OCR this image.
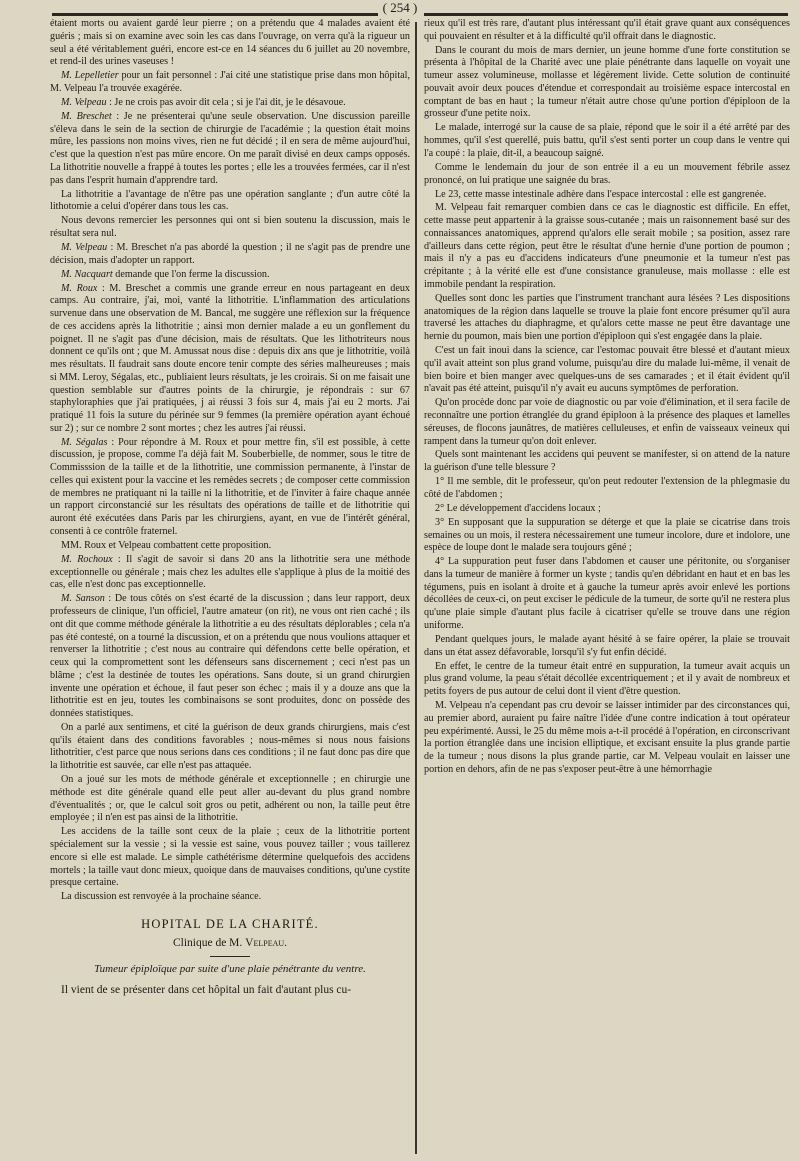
( 254 )

étaient morts ou avaient gardé leur pierre ; on a prétendu que 4 malades avaient été guéris ; mais si on examine avec soin les cas dans l'ouvrage, on verra qu'à la rigueur un seul a été véritablement guéri, encore est-ce en 14 séances du 6 juillet au 20 novembre, et rend-il des urines vaseuses !

M. Lepelletier pour un fait personnel : J'ai cité une statistique prise dans mon hôpital, M. Velpeau l'a trouvée exagérée.

M. Velpeau : Je ne crois pas avoir dit cela ; si je l'ai dit, je le désavoue.

M. Breschet : Je ne présenterai qu'une seule observation. Une discussion pareille s'éleva dans le sein de la section de chirurgie de l'académie ; la question était moins mûre, les passions non moins vives, rien ne fut décidé ; il en sera de même aujourd'hui, c'est que la question n'est pas mûre encore. On me paraît divisé en deux camps opposés. La lithotritie nouvelle a frappé à toutes les portes ; elle les a trouvées fermées, car il n'est pas dans l'esprit humain d'apprendre tard.

La lithotritie a l'avantage de n'être pas une opération sanglante ; d'un autre côté la lithotomie a celui d'opérer dans tous les cas.

Nous devons remercier les personnes qui ont si bien soutenu la discussion, mais le résultat sera nul.

M. Velpeau : M. Breschet n'a pas abordé la question ; il ne s'agit pas de prendre une décision, mais d'adopter un rapport.

M. Nacquart demande que l'on ferme la discussion.

M. Roux : M. Breschet a commis une grande erreur en nous partageant en deux camps. Au contraire, j'ai, moi, vanté la lithotritie. L'inflammation des articulations survenue dans une observation de M. Bancal, me suggère une réflexion sur la fréquence de ces accidens après la lithotritie ; ainsi mon dernier malade a eu un gonflement du poignet. Il ne s'agit pas d'une décision, mais de résultats. Que les lithotriteurs nous donnent ce qu'ils ont ; que M. Amussat nous dise : depuis dix ans que je lithotritie, voilà mes résultats. Il faudrait sans doute encore tenir compte des séries malheureuses ; mais si MM. Leroy, Ségalas, etc., publiaient leurs résultats, je les croirais. Si on me faisait une question semblable sur d'autres points de la chirurgie, je répondrais : sur 67 staphyloraphies que j'ai pratiquées, j ai réussi 3 fois sur 4, mais j'ai eu 2 morts. J'ai pratiqué 11 fois la suture du périnée sur 9 femmes (la première opération ayant échoué sur 2) ; sur ce nombre 2 sont mortes ; chez les autres j'ai réussi.

M. Ségalas : Pour répondre à M. Roux et pour mettre fin, s'il est possible, à cette discussion, je propose, comme l'a déjà fait M. Souberbielle, de nommer, sous le titre de Commisssion de la taille et de la lithotritie, une commission permanente, à l'instar de celles qui existent pour la vaccine et les remèdes secrets ; de composer cette commission de membres ne pratiquant ni la taille ni la lithotritie, et de l'inviter à faire chaque année un rapport circonstancié sur les résultats des opérations de taille et de lithotritie qui auront été exécutées dans Paris par les chirurgiens, ayant, en vue de l'intérêt général, consenti à ce contrôle fraternel.

MM. Roux et Velpeau combattent cette proposition.

M. Rochoux : Il s'agit de savoir si dans 20 ans la lithotritie sera une méthode exceptionnelle ou générale ; mais chez les adultes elle s'applique à plus de la moitié des cas, elle n'est donc pas exceptionnelle.

M. Sanson : De tous côtés on s'est écarté de la discussion ; dans leur rapport, deux professeurs de clinique, l'un officiel, l'autre amateur (on rit), ne vous ont rien caché ; ils ont dit que comme méthode générale la lithotritie a eu des résultats déplorables ; cela n'a pas été contesté, on a tourné la discussion, et on a prétendu que nous voulions attaquer et renverser la lithotritie ; c'est nous au contraire qui défendons cette belle opération, et ceux qui la compromettent sont les défenseurs sans discernement ; ceci n'est pas un blâme ; c'est la destinée de toutes les opérations. Sans doute, si un grand chirurgien invente une opération et échoue, il faut peser son échec ; mais il y a douze ans que la lithotritie est en jeu, toutes les combinaisons se sont produites, donc on possède des données statistiques.

On a parlé aux sentimens, et cité la guérison de deux grands chirurgiens, mais c'est qu'ils étaient dans des conditions favorables ; nous-mêmes si nous nous faisions lithotritier, c'est parce que nous serions dans ces conditions ; il ne faut donc pas dire que la lithotritie est sauvée, car elle n'est pas attaquée.

On a joué sur les mots de méthode générale et exceptionnelle ; en chirurgie une méthode est dite générale quand elle peut aller au-devant du plus grand nombre d'éventualités ; or, que le calcul soit gros ou petit, adhérent ou non, la taille peut être employée ; il n'en est pas ainsi de la lithotritie.

Les accidens de la taille sont ceux de la plaie ; ceux de la lithotritie portent spécialement sur la vessie ; si la vessie est saine, vous pouvez tailler ; vous taillerez encore si elle est malade. Le simple cathétérisme détermine quelquefois des accidens mortels ; la taille vaut donc mieux, quoique dans de mauvaises conditions, qu'une cystite presque certaine.

La discussion est renvoyée à la prochaine séance.

HOPITAL DE LA CHARITÉ.
Clinique de M. Velpeau.
Tumeur épiploïque par suite d'une plaie pénétrante du ventre.

Il vient de se présenter dans cet hôpital un fait d'autant plus cu-

rieux qu'il est très rare, d'autant plus intéressant qu'il était grave quant aux conséquences qui pouvaient en résulter et à la difficulté qu'il offrait dans le diagnostic.

Dans le courant du mois de mars dernier, un jeune homme d'une forte constitution se présenta à l'hôpital de la Charité avec une plaie pénétrante dans laquelle on voyait une tumeur assez volumineuse, mollasse et légèrement livide. Cette solution de continuité pouvait avoir deux pouces d'étendue et correspondait au troisième espace intercostal en comptant de bas en haut ; la tumeur n'était autre chose qu'une portion d'épiploon de la grosseur d'une petite noix.

Le malade, interrogé sur la cause de sa plaie, répond que le soir il a été arrêté par des hommes, qu'il s'est querellé, puis battu, qu'il s'est senti porter un coup dans le ventre qui l'a coupé : la plaie, dit-il, a beaucoup saigné.

Comme le lendemain du jour de son entrée il a eu un mouvement fébrile assez prononcé, on lui pratique une saignée du bras.

Le 23, cette masse intestinale adhère dans l'espace intercostal : elle est gangrenée.

M. Velpeau fait remarquer combien dans ce cas le diagnostic est difficile. En effet, cette masse peut appartenir à la graisse sous-cutanée ; mais un raisonnement basé sur des connaissances anatomiques, apprend qu'alors elle serait mobile ; sa position, assez rare d'ailleurs dans cette région, peut être le résultat d'une hernie d'une portion de poumon ; mais il n'y a pas eu d'accidens indicateurs d'une pneumonie et la tumeur n'est pas crépitante ; à la vérité elle est d'une consistance granuleuse, mais mollasse : elle est immobile pendant la respiration.

Quelles sont donc les parties que l'instrument tranchant aura lésées ? Les dispositions anatomiques de la région dans laquelle se trouve la plaie font encore présumer qu'il aura traversé les attaches du diaphragme, et qu'alors cette masse ne peut être davantage une hernie du poumon, mais bien une portion d'épiploon qui s'est engagée dans la plaie.

C'est un fait inoui dans la science, car l'estomac pouvait être blessé et d'autant mieux qu'il avait atteint son plus grand volume, puisqu'au dire du malade lui-même, il venait de bien boire et bien manger avec quelques-uns de ses camarades ; et il était évident qu'il n'avait pas été atteint, puisqu'il n'y avait eu aucuns symptômes de perforation.

Qu'on procède donc par voie de diagnostic ou par voie d'élimination, et il sera facile de reconnaître une portion étranglée du grand épiploon à la présence des plaques et lamelles séreuses, de flocons jaunâtres, de matières celluleuses, et enfin de vaisseaux veineux qui rampent dans la tumeur qu'on doit enlever.

Quels sont maintenant les accidens qui peuvent se manifester, si on attend de la nature la guérison d'une telle blessure ?

1° Il me semble, dit le professeur, qu'on peut redouter l'extension de la phlegmasie du côté de l'abdomen ;

2° Le développement d'accidens locaux ;

3° En supposant que la suppuration se déterge et que la plaie se cicatrise dans trois semaines ou un mois, il restera nécessairement une tumeur incolore, dure et indolore, une espèce de loupe dont le malade sera toujours gêné ;

4° La suppuration peut fuser dans l'abdomen et causer une péritonite, ou s'organiser dans la tumeur de manière à former un kyste ; tandis qu'en débridant en haut et en bas les tégumens, puis en isolant à droite et à gauche la tumeur après avoir enlevé les portions décollées de ceux-ci, on peut exciser le pédicule de la tumeur, de sorte qu'il ne restera plus qu'une plaie simple d'autant plus facile à cicatriser qu'elle se trouve dans une région uniforme.

Pendant quelques jours, le malade ayant hésité à se faire opérer, la plaie se trouvait dans un état assez défavorable, lorsqu'il s'y fut enfin décidé.

En effet, le centre de la tumeur était entré en suppuration, la tumeur avait acquis un plus grand volume, la peau s'était décollée excentriquement ; et il y avait de nombreux et petits foyers de pus autour de celui dont il vient d'être question.

M. Velpeau n'a cependant pas cru devoir se laisser intimider par des circonstances qui, au premier abord, auraient pu faire naître l'idée d'une contre indication à tout opérateur peu expérimenté. Aussi, le 25 du même mois a-t-il procédé à l'opération, en circonscrivant la portion étranglée dans une incision elliptique, et excisant ensuite la plus grande partie de la tumeur ; nous disons la plus grande partie, car M. Velpeau voulait en laisser une portion en dehors, afin de ne pas s'exposer peut-être à une hémorrhagie
